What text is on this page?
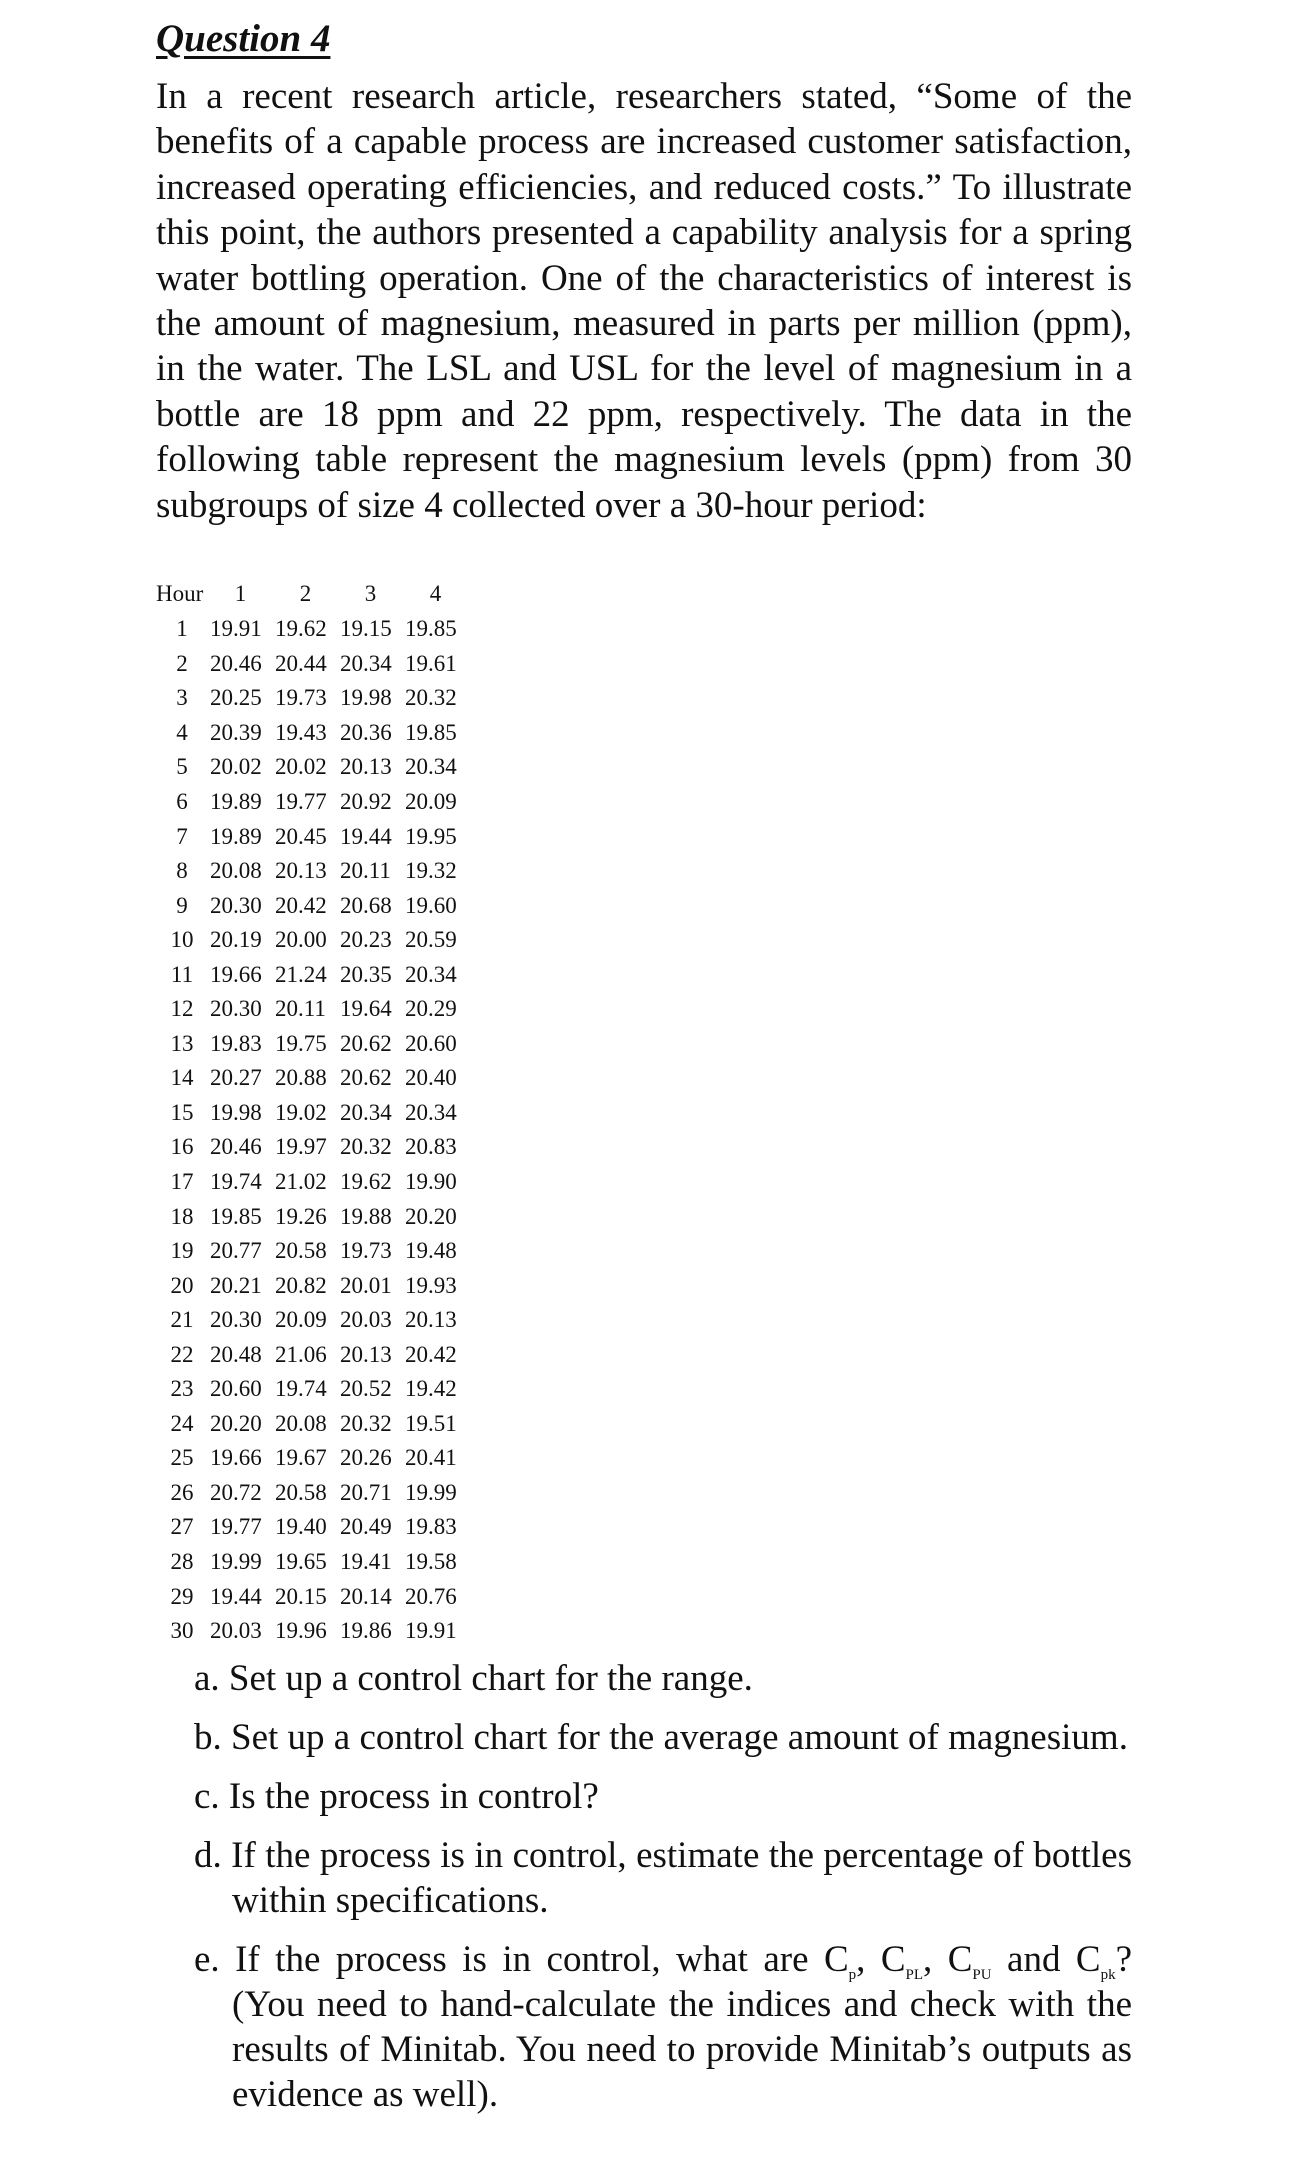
Question 4

In a recent research article, researchers stated, “Some of the benefits of a capable process are increased customer satisfaction, increased operating efficiencies, and reduced costs.” To illustrate this point, the authors presented a capability analysis for a spring water bottling operation. One of the characteristics of interest is the amount of magnesium, measured in parts per million (ppm), in the water. The LSL and USL for the level of magnesium in a bottle are 18 ppm and 22 ppm, respectively. The data in the following table represent the magnesium levels (ppm) from 30 subgroups of size 4 collected over a 30-hour period:

Hour	1	2	3	4
1	19.91	19.62	19.15	19.85
2	20.46	20.44	20.34	19.61
3	20.25	19.73	19.98	20.32
4	20.39	19.43	20.36	19.85
5	20.02	20.02	20.13	20.34
6	19.89	19.77	20.92	20.09
7	19.89	20.45	19.44	19.95
8	20.08	20.13	20.11	19.32
9	20.30	20.42	20.68	19.60
10	20.19	20.00	20.23	20.59
11	19.66	21.24	20.35	20.34
12	20.30	20.11	19.64	20.29
13	19.83	19.75	20.62	20.60
14	20.27	20.88	20.62	20.40
15	19.98	19.02	20.34	20.34
16	20.46	19.97	20.32	20.83
17	19.74	21.02	19.62	19.90
18	19.85	19.26	19.88	20.20
19	20.77	20.58	19.73	19.48
20	20.21	20.82	20.01	19.93
21	20.30	20.09	20.03	20.13
22	20.48	21.06	20.13	20.42
23	20.60	19.74	20.52	19.42
24	20.20	20.08	20.32	19.51
25	19.66	19.67	20.26	20.41
26	20.72	20.58	20.71	19.99
27	19.77	19.40	20.49	19.83
28	19.99	19.65	19.41	19.58
29	19.44	20.15	20.14	20.76
30	20.03	19.96	19.86	19.91
a. Set up a control chart for the range.
b. Set up a control chart for the average amount of magnesium.
c. Is the process in control?
d. If the process is in control, estimate the percentage of bottles within specifications.
e. If the process is in control, what are $C_p$, $C_{PL}$, $C_{PU}$ and $C_{pk}$? (You need to hand-calculate the indices and check with the results of Minitab. You need to provide Minitab’s outputs as evidence as well).
